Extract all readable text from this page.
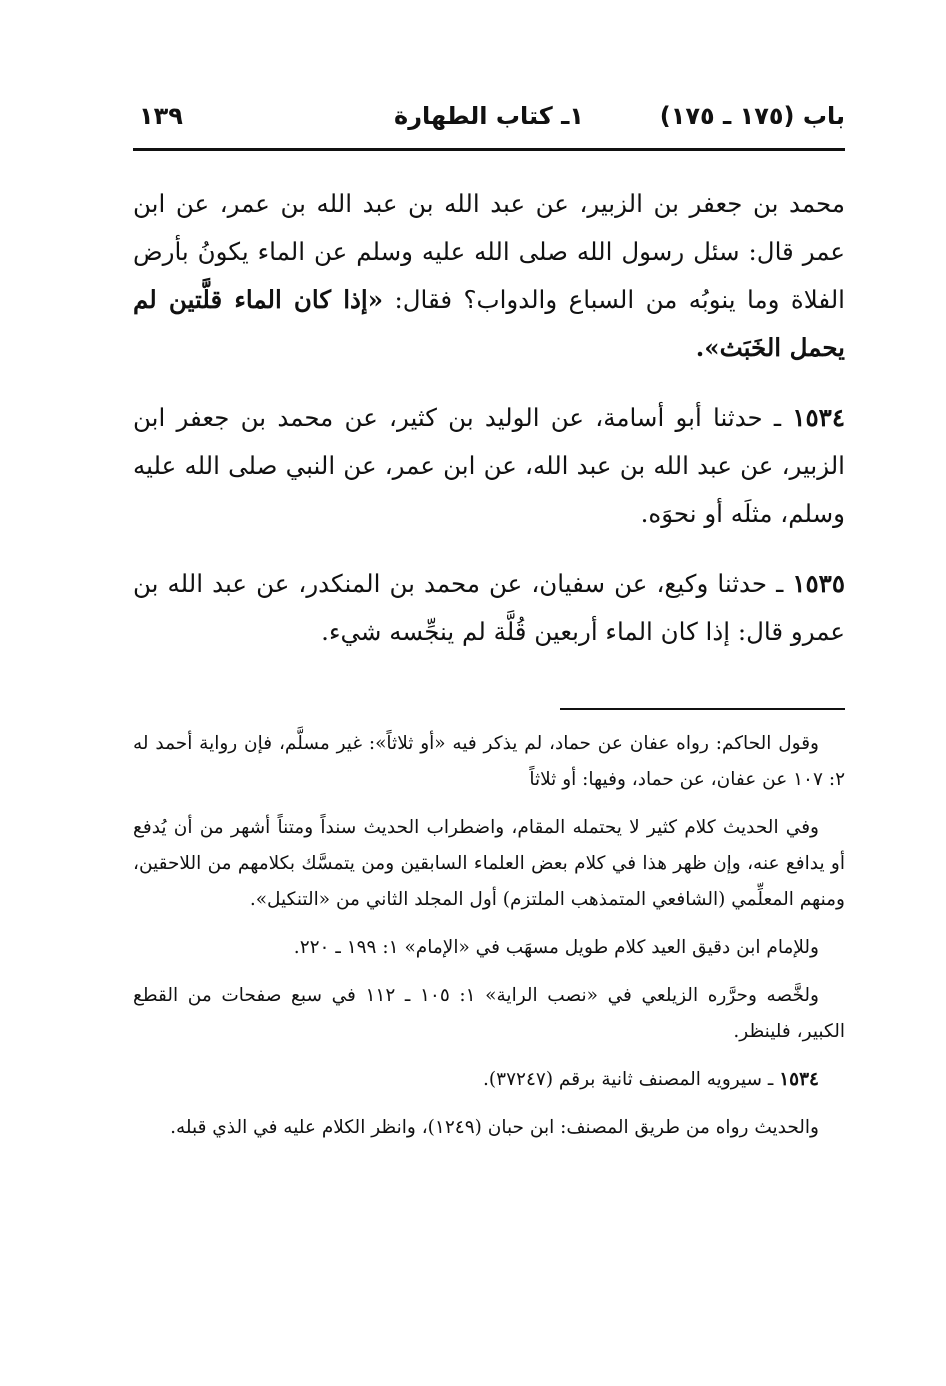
باب (١٧٥ ـ ١٧٥)
١ـ كتاب الطهارة
١٣٩

محمد بن جعفر بن الزبير، عن عبد الله بن عبد الله بن عمر، عن ابن عمر قال: سئل رسول الله صلى الله عليه وسلم عن الماء يكونُ بأرض الفلاة وما ينوبُه من السباع والدواب؟ فقال: «إذا كان الماء قلَّتين لم يحمل الخَبَث».

١٥٣٤ ـ حدثنا أبو أسامة، عن الوليد بن كثير، عن محمد بن جعفر ابن الزبير، عن عبد الله بن عبد الله، عن ابن عمر، عن النبي صلى الله عليه وسلم، مثلَه أو نحوَه.

١٥٣٥ ـ حدثنا وكيع، عن سفيان، عن محمد بن المنكدر، عن عبد الله بن عمرو قال: إذا كان الماء أربعين قُلَّة لم ينجِّسه شيء.

وقول الحاكم: رواه عفان عن حماد، لم يذكر فيه «أو ثلاثاً»: غير مسلَّم، فإن رواية أحمد له ٢: ١٠٧ عن عفان، عن حماد، وفيها: أو ثلاثاً

وفي الحديث كلام كثير لا يحتمله المقام، واضطراب الحديث سنداً ومتناً أشهر من أن يُدفع أو يدافع عنه، وإن ظهر هذا في كلام بعض العلماء السابقين ومن يتمسَّك بكلامهم من اللاحقين، ومنهم المعلِّمي (الشافعي المتمذهب الملتزم) أول المجلد الثاني من «التنكيل».

وللإمام ابن دقيق العيد كلام طويل مسهَب في «الإمام» ١: ١٩٩ ـ ٢٢٠.

ولخَّصه وحرَّره الزيلعي في «نصب الراية» ١: ١٠٥ ـ ١١٢ في سبع صفحات من القطع الكبير، فلينظر.

١٥٣٤ ـ سيرويه المصنف ثانية برقم (٣٧٢٤٧).

والحديث رواه من طريق المصنف: ابن حبان (١٢٤٩)، وانظر الكلام عليه في الذي قبله.
